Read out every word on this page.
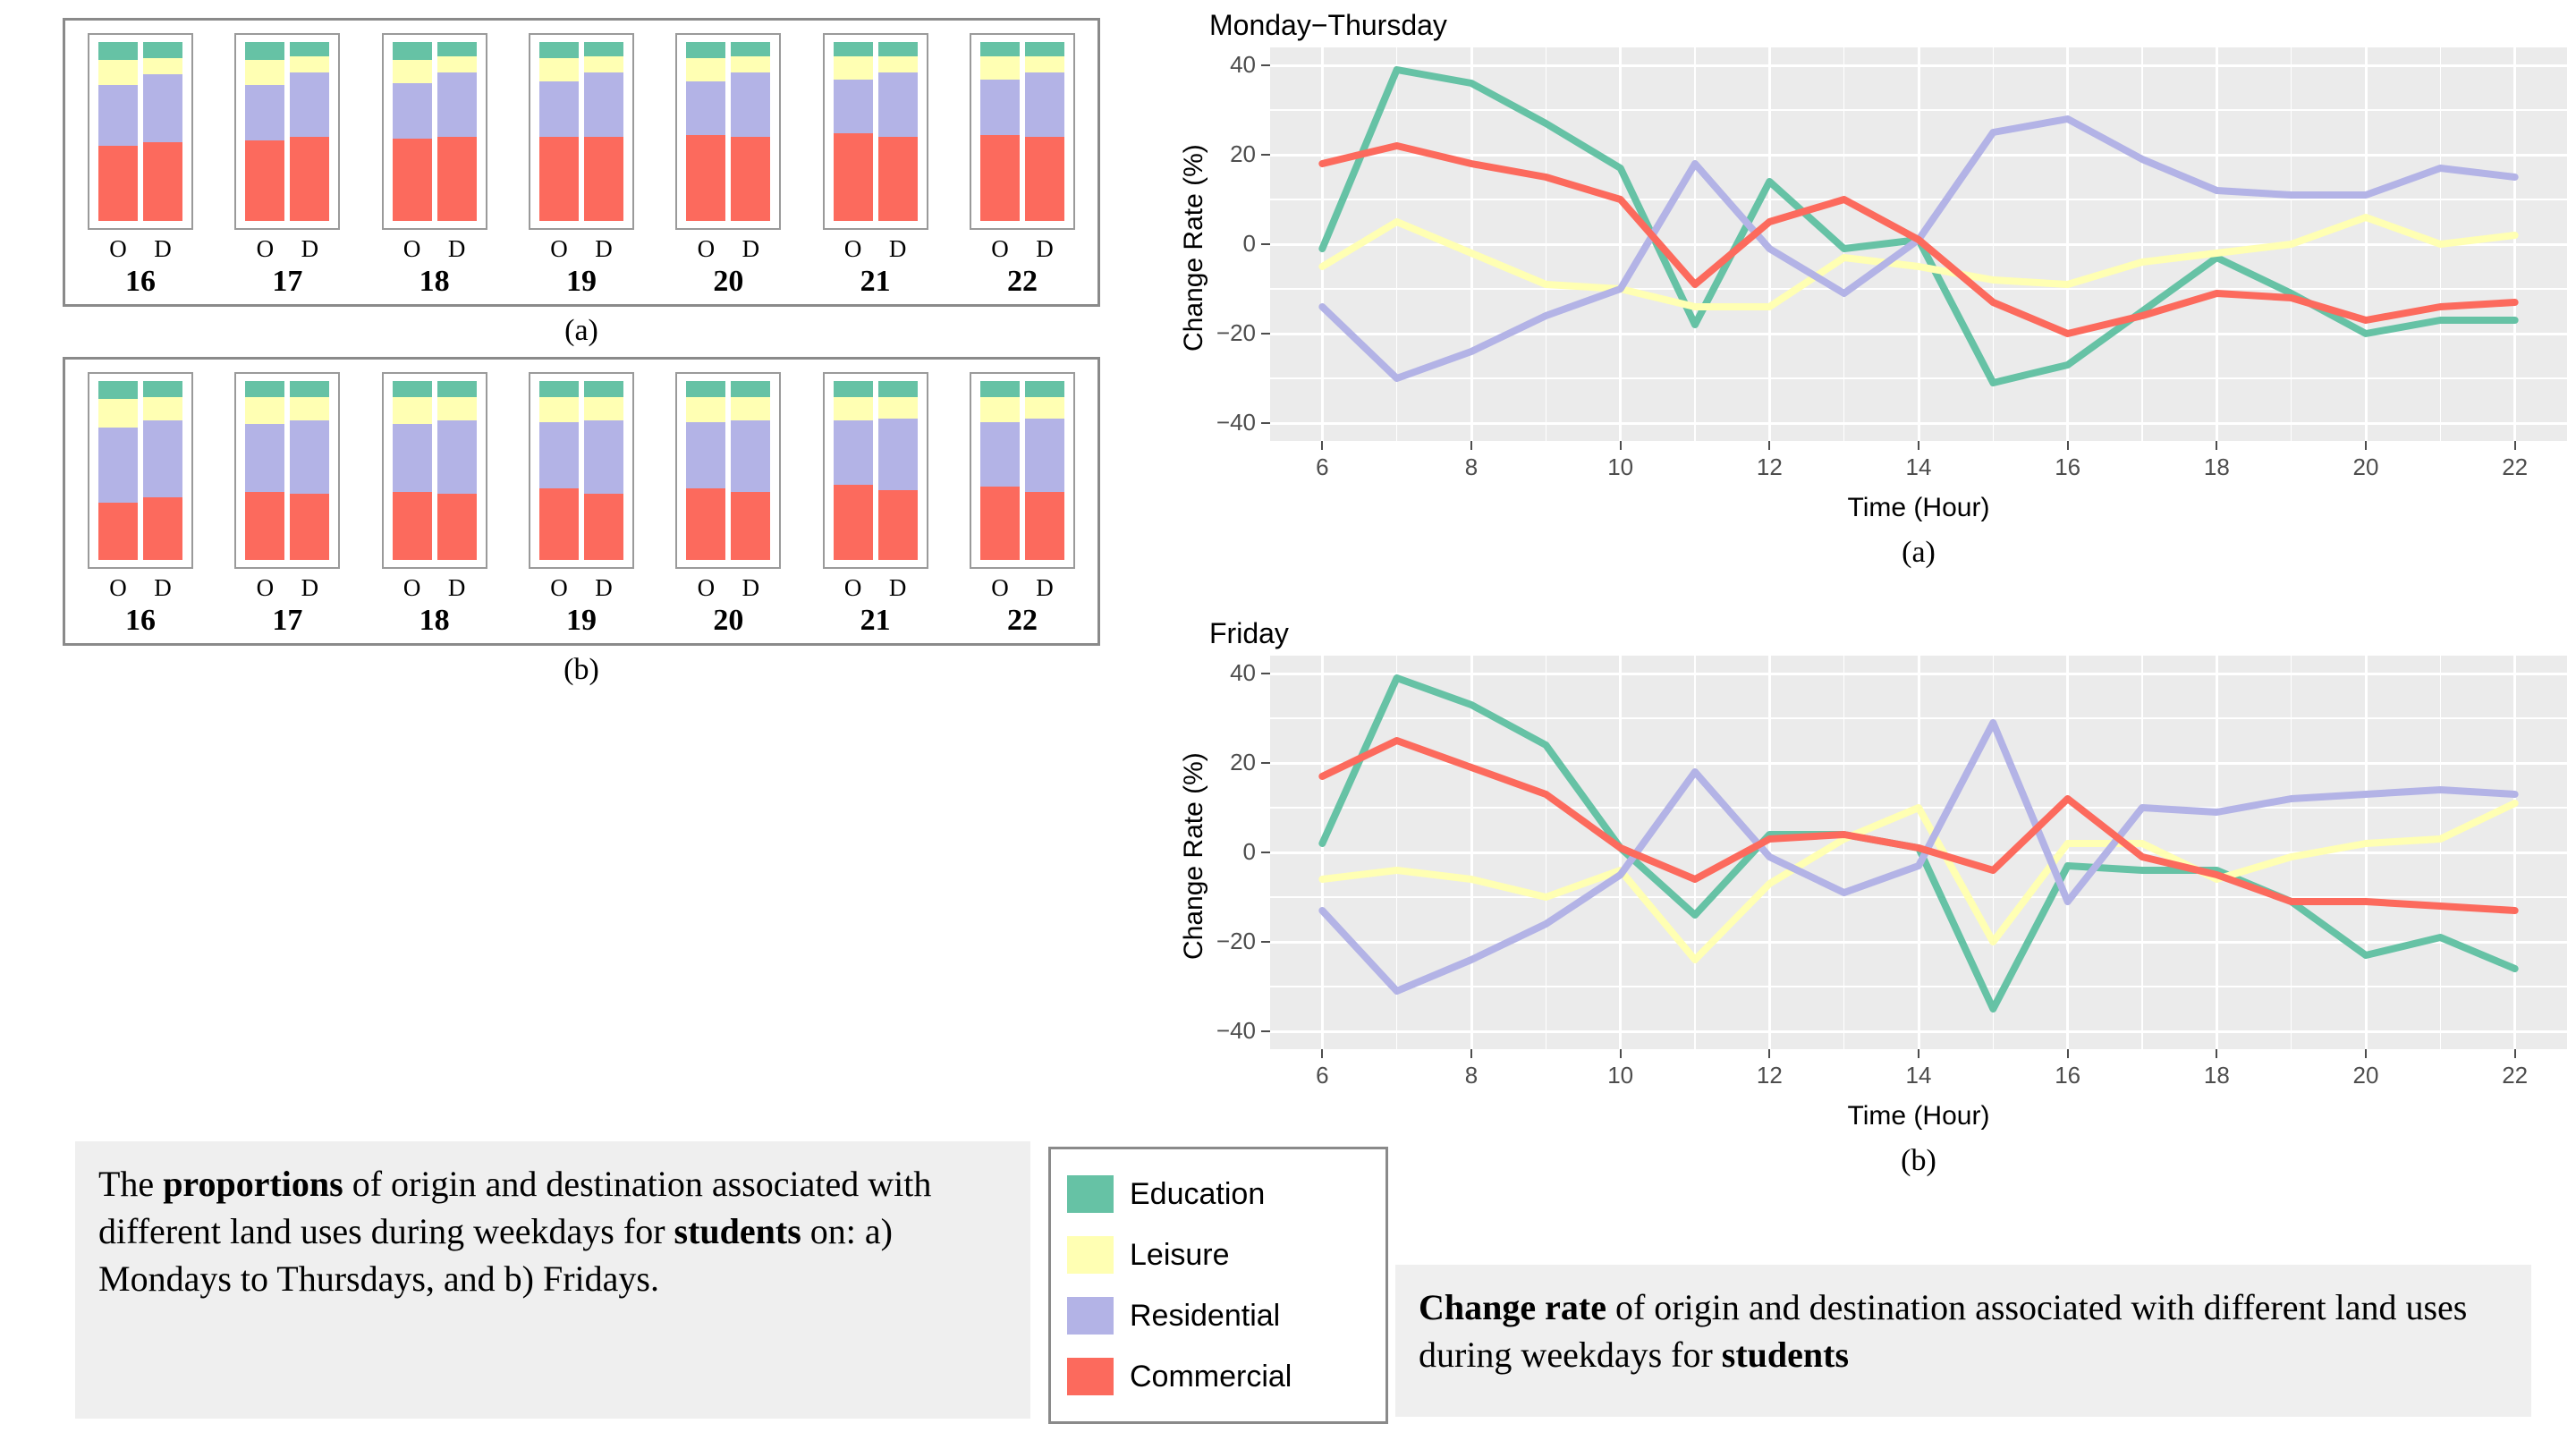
O	D
16
O	D
17
O	D
18
O	D
19
O	D
20
O	D
21
O	D
22
(a)
O	D
16
O	D
17
O	D
18
O	D
19
O	D
20
O	D
21
O	D
22
(b)
The proportions of origin and destination associated with different land uses during weekdays for students on: a) Mondays to Thursdays, and b) Fridays.
Change rate of origin and destination associated with different land uses during weekdays for students
Education
Leisure
Residential
Commercial
Monday−Thursday
−40
−20
0
20
40
6	8	10	12	14	16	18	20	22
Change Rate (%)
Time (Hour)
(a)
Friday
−40
−20
0
20
40
6	8	10	12	14	16	18	20	22
Change Rate (%)
Time (Hour)
(b)
